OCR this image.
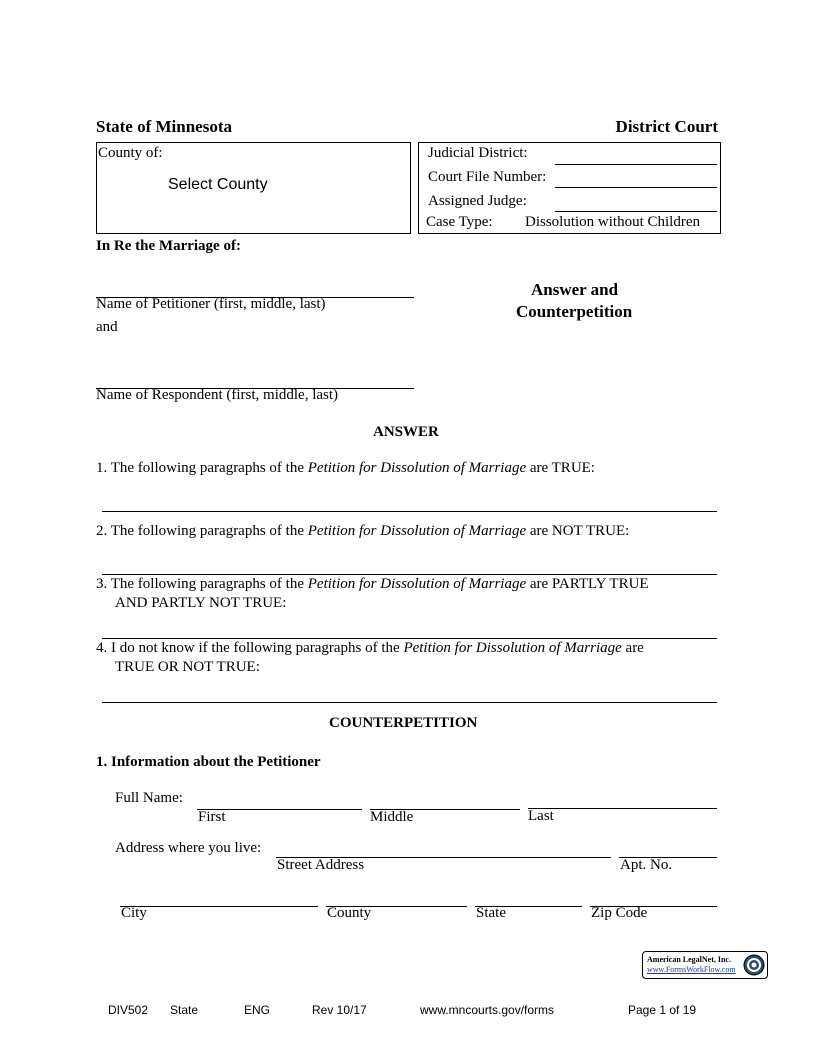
State of Minnesota	District Court
County of:
Select County
Judicial District:
Court File Number:
Assigned Judge:
Case Type: Dissolution without Children
In Re the Marriage of:
Name of Petitioner (first, middle, last)
and
Name of Respondent (first, middle, last)
Answer and
Counterpetition
ANSWER
1. The following paragraphs of the Petition for Dissolution of Marriage are TRUE:
2. The following paragraphs of the Petition for Dissolution of Marriage are NOT TRUE:
3. The following paragraphs of the Petition for Dissolution of Marriage are PARTLY TRUE
AND PARTLY NOT TRUE:
4. I do not know if the following paragraphs of the Petition for Dissolution of Marriage are
TRUE OR NOT TRUE:
COUNTERPETITION
1. Information about the Petitioner
Full Name:
First	Middle	Last
Address where you live:
Street Address	Apt. No.
City	County	State	Zip Code
American LegalNet, Inc.
www.FormsWorkFlow.com
DIV502 State	ENG	Rev 10/17	www.mncourts.gov/forms	Page 1 of 19
